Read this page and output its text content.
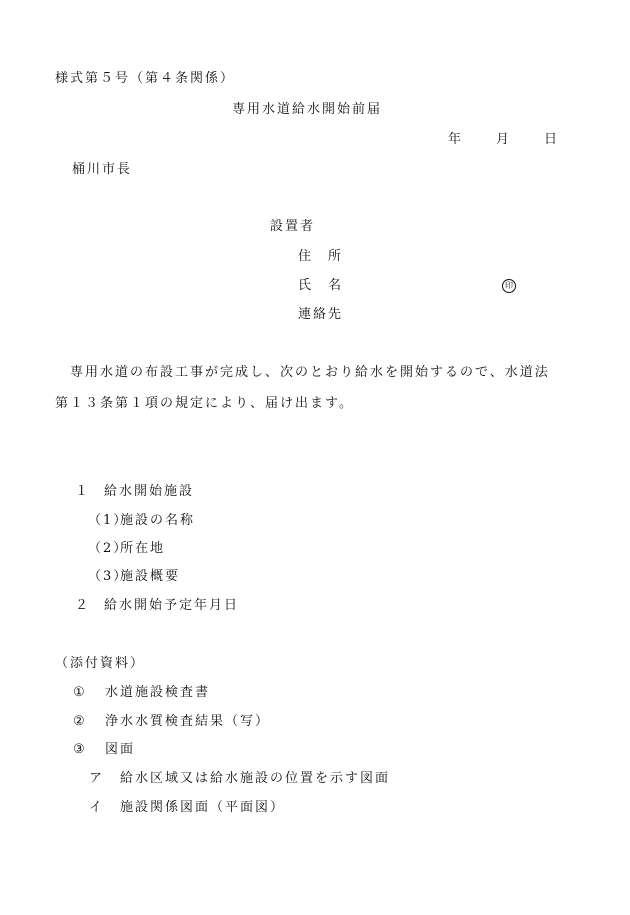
様式第５号（第４条関係）
専用水道給水開始前届
年	月	日
桶川市長
設置者
住　所
氏　名	印
連絡先
専用水道の布設工事が完成し、次のとおり給水を開始するので、水道法
第１３条第１項の規定により、届け出ます。
１ 給水開始施設
（1）
施設の名称
（2）
所在地
（3）
施設概要
２ 給水開始予定年月日
（添付資料）
① 水道施設検査書
② 浄水水質検査結果（写）
③ 図面
ア 給水区域又は給水施設の位置を示す図面
イ 施設関係図面（平面図）
